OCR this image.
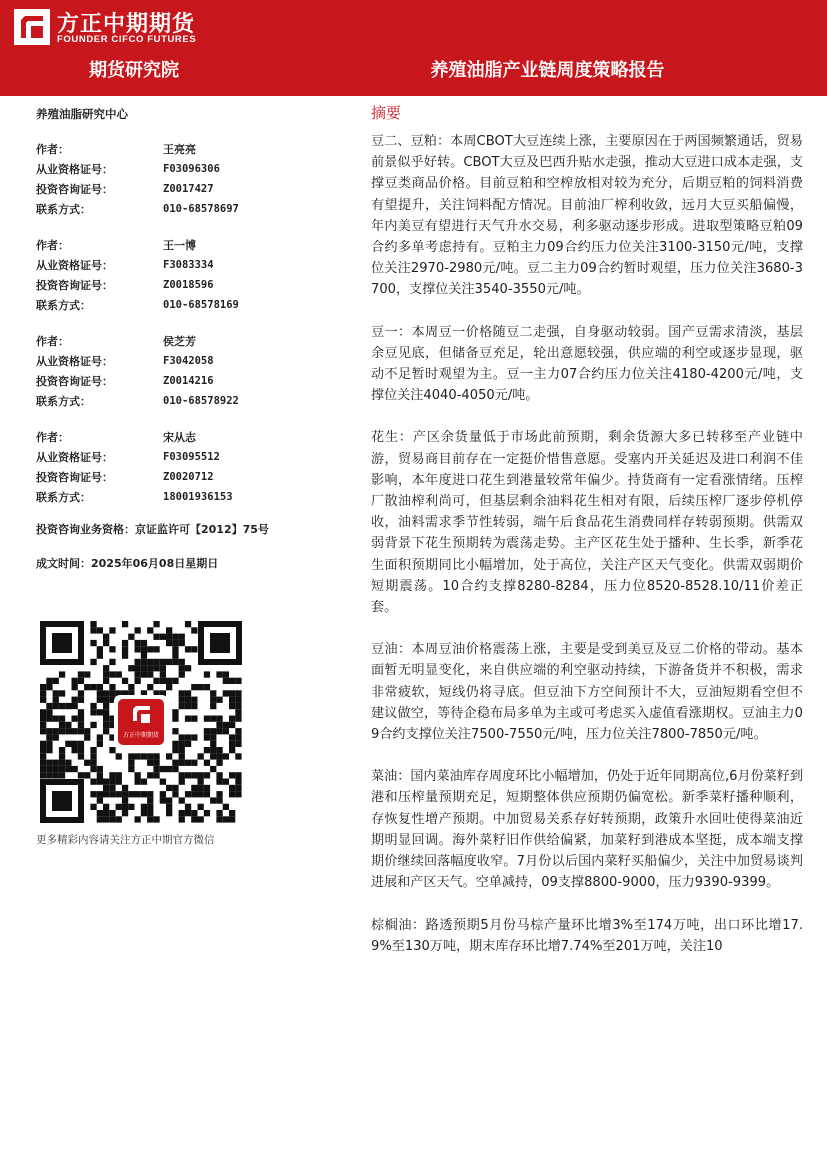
方正中期期货
FOUNDER CIFCO FUTURES
期货研究院	养殖油脂产业链周度策略报告
养殖油脂研究中心
作者：	王亮亮
从业资格证号：	F03096306
投资咨询证号：	Z0017427
联系方式：	010-68578697
作者：	王一博
从业资格证号：	F3083334
投资咨询证号：	Z0018596
联系方式：	010-68578169
作者：	侯芝芳
从业资格证号：	F3042058
投资咨询证号：	Z0014216
联系方式：	010-68578922
作者：	宋从志
从业资格证号：	F03095512
投资咨询证号：	Z0020712
联系方式：	18001936153
投资咨询业务资格：京证监许可【2012】75号
成文时间：2025年06月08日星期日
方正中期期货
更多精彩内容请关注方正中期官方微信
摘要

豆二、豆粕：本周CBOT大豆连续上涨，主要原因在于两国频繁通话，贸易前景似乎好转。CBOT大豆及巴西升贴水走强，推动大豆进口成本走强，支撑豆类商品价格。目前豆粕和空榨放相对较为充分，后期豆粕的饲料消费有望提升，关注饲料配方情况。目前油厂榨利收敛，远月大豆买船偏慢，年内美豆有望进行天气升水交易，利多驱动逐步形成。进取型策略豆粕09合约多单考虑持有。豆粕主力09合约压力位关注3100-3150元/吨，支撑位关注2970-2980元/吨。豆二主力09合约暂时观望，压力位关注3680-3700，支撑位关注3540-3550元/吨。

豆一：本周豆一价格随豆二走强，自身驱动较弱。国产豆需求清淡，基层余豆见底，但储备豆充足，轮出意愿较强，供应端的利空或逐步显现，驱动不足暂时观望为主。豆一主力07合约压力位关注4180-4200元/吨，支撑位关注4040-4050元/吨。

花生：产区余货量低于市场此前预期，剩余货源大多已转移至产业链中游，贸易商目前存在一定挺价惜售意愿。受塞内开关延迟及进口利润不佳影响，本年度进口花生到港量较常年偏少。持货商有一定看涨情绪。压榨厂散油榨利尚可，但基层剩余油料花生相对有限，后续压榨厂逐步停机停收，油料需求季节性转弱，端午后食品花生消费同样存转弱预期。供需双弱背景下花生预期转为震荡走势。主产区花生处于播种、生长季，新季花生面积预期同比小幅增加，处于高位，关注产区天气变化。供需双弱期价短期震荡。10合约支撑8280-8284，压力位8520-8528.10/11价差正套。

豆油：本周豆油价格震荡上涨，主要是受到美豆及豆二价格的带动。基本面暂无明显变化，来自供应端的利空驱动持续，下游备货并不积极，需求非常疲软，短线仍将寻底。但豆油下方空间预计不大，豆油短期看空但不建议做空，等待企稳布局多单为主或可考虑买入虚值看涨期权。豆油主力09合约支撑位关注7500-7550元/吨，压力位关注7800-7850元/吨。

菜油：国内菜油库存周度环比小幅增加，仍处于近年同期高位,6月份菜籽到港和压榨量预期充足，短期整体供应预期仍偏宽松。新季菜籽播种顺利，存恢复性增产预期。中加贸易关系存好转预期，政策升水回吐使得菜油近期明显回调。海外菜籽旧作供给偏紧，加菜籽到港成本坚挺，成本端支撑期价继续回落幅度收窄。7月份以后国内菜籽买船偏少，关注中加贸易谈判进展和产区天气。空单减持，09支撑8800-9000，压力9390-9399。

棕榈油：路透预期5月份马棕产量环比增3%至174万吨，出口环比增17.9%至130万吨，期末库存环比增7.74%至201万吨，关注10
